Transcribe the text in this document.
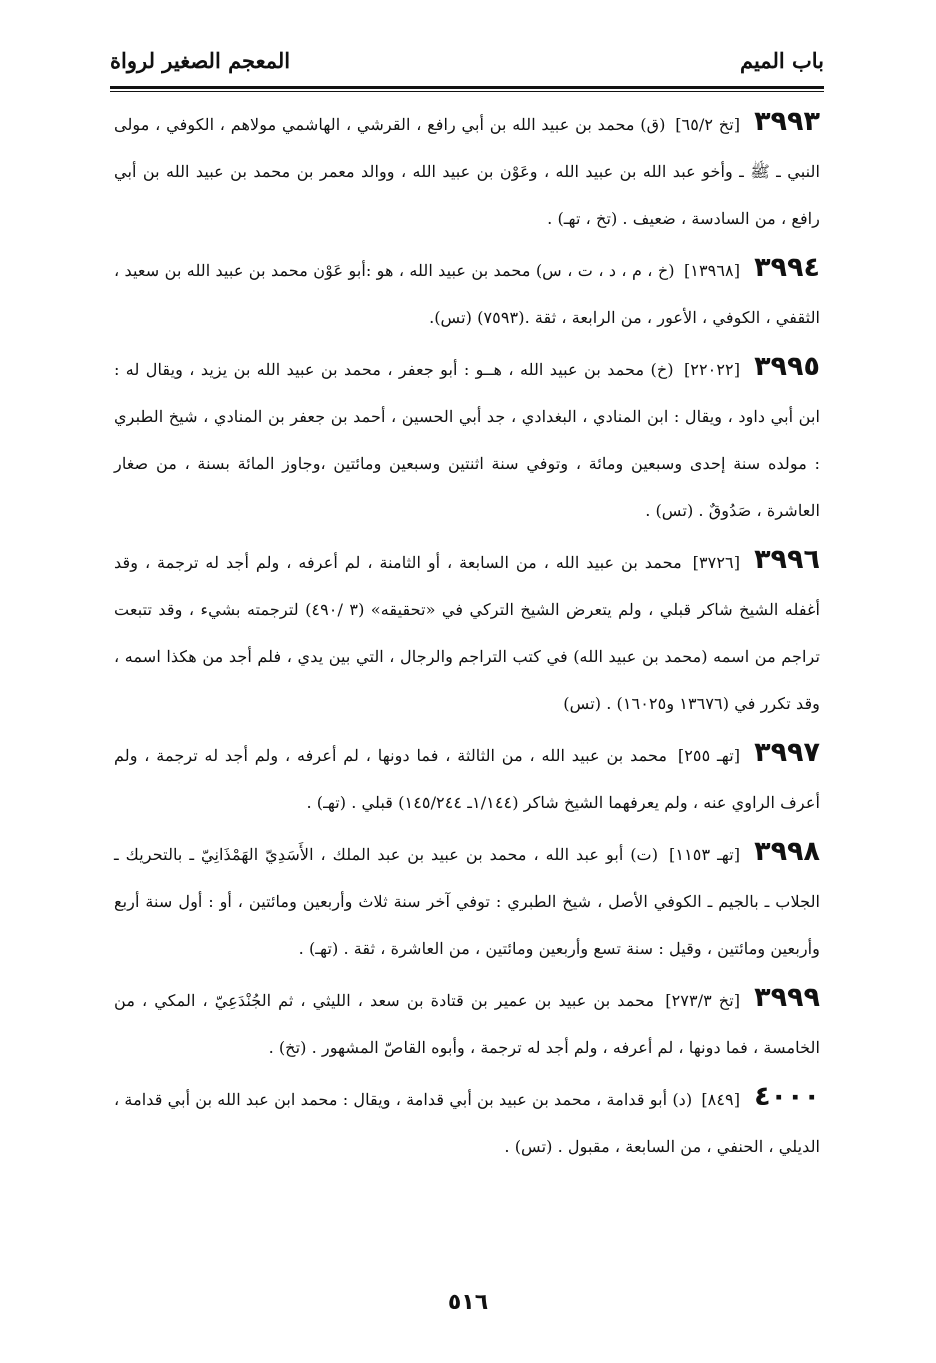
باب الميم
المعجم الصغير لرواة

٣٩٩٣[تخ ٦٥/٢] (ق) محمد بن عبيد الله بن أبي رافع ، القرشي ، الهاشمي مولاهم ، الكوفي ، مولى النبي ـ ﷺ ـ وأخو عبد الله بن عبيد الله ، وعَوْن بن عبيد الله ، ووالد معمر بن محمد بن عبيد الله بن أبي رافع ، من السادسة ، ضعيف . (تخ ، تهـ) .

٣٩٩٤[١٣٩٦٨] (خ ، م ، د ، ت ، س) محمد بن عبيد الله ، هو :أبو عَوْن محمد بن عبيد الله بن سعيد ، الثقفي ، الكوفي ، الأعور ، من الرابعة ، ثقة .(٧٥٩٣) (تس).

٣٩٩٥[٢٢٠٢٢] (خ) محمد بن عبيد الله ، هــو : أبو جعفر ، محمد بن عبيد الله بن يزيد ، ويقال له : ابن أبي داود ، ويقال : ابن المنادي ، البغدادي ، جد أبي الحسين ، أحمد بن جعفر بن المنادي ، شيخ الطبري : مولده سنة إحدى وسبعين ومائة ، وتوفي سنة اثنتين وسبعين ومائتين ،وجاوز المائة بسنة ، من صغار العاشرة ، صَدُوقٌ . (تس) .

٣٩٩٦[٣٧٢٦] محمد بن عبيد الله ، من السابعة ، أو الثامنة ، لم أعرفه ، ولم أجد له ترجمة ، وقد أغفله الشيخ شاكر قبلي ، ولم يتعرض الشيخ التركي في «تحقيقه» (٣ /٤٩٠) لترجمته بشيء ، وقد تتبعت تراجم من اسمه (محمد بن عبيد الله) في كتب التراجم والرجال ، التي بين يدي ، فلم أجد من هكذا اسمه ، وقد تكرر في (١٣٦٧٦ و١٦٠٢٥) . (تس)

٣٩٩٧[تهـ ٢٥٥] محمد بن عبيد الله ، من الثالثة ، فما دونها ، لم أعرفه ، ولم أجد له ترجمة ، ولم أعرف الراوي عنه ، ولم يعرفهما الشيخ شاكر (١/١٤٤ـ ١٤٥/٢٤٤) قبلي . (تهـ) .

٣٩٩٨[تهـ ١١٥٣] (ت) أبو عبد الله ، محمد بن عبيد بن عبد الملك ، الأَسَدِيّ الهَمْذَانِيّ ـ بالتحريك ـ الجلاب ـ بالجيم ـ الكوفي الأصل ، شيخ الطبري : توفي آخر سنة ثلاث وأربعين ومائتين ، أو : أول سنة أربع وأربعين ومائتين ، وقيل : سنة تسع وأربعين ومائتين ، من العاشرة ، ثقة . (تهـ) .

٣٩٩٩[تخ ٢٧٣/٣] محمد بن عبيد بن عمير بن قتادة بن سعد ، الليثي ، ثم الجُنْدَعِيّ ، المكي ، من الخامسة ، فما دونها ، لم أعرفه ، ولم أجد له ترجمة ، وأبوه القاصّ المشهور . (تخ) .

٤٠٠٠[٨٤٩] (د) أبو قدامة ، محمد بن عبيد بن أبي قدامة ، ويقال : محمد ابن عبد الله بن أبي قدامة ، الديلي ، الحنفي ، من السابعة ، مقبول . (تس) .

٥١٦
